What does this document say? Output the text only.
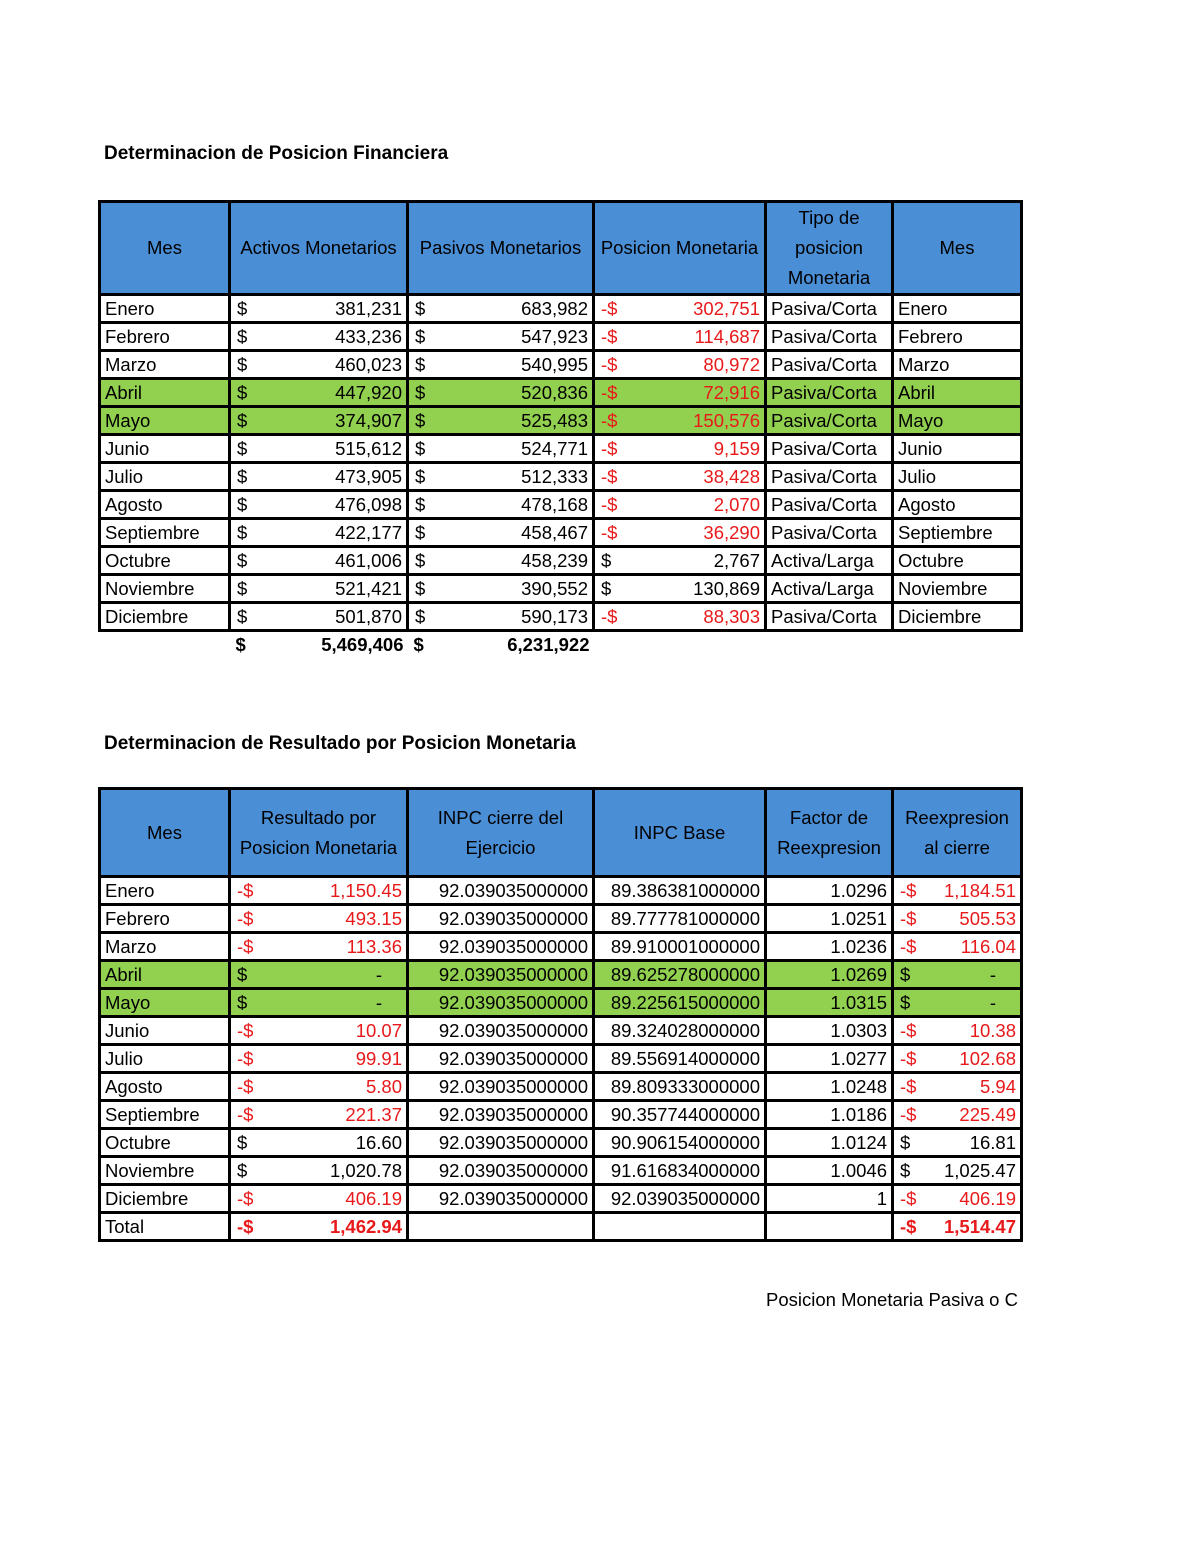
Determinacion de Posicion Financiera
Mes	Activos Monetarios	Pasivos Monetarios	Posicion Monetaria	Tipo de posicion Monetaria	Mes
Enero	$ 381,231	$ 683,982	-$ 302,751	Pasiva/Corta	Enero
Febrero	$ 433,236	$ 547,923	-$ 114,687	Pasiva/Corta	Febrero
Marzo	$ 460,023	$ 540,995	-$ 80,972	Pasiva/Corta	Marzo
Abril	$ 447,920	$ 520,836	-$ 72,916	Pasiva/Corta	Abril
Mayo	$ 374,907	$ 525,483	-$ 150,576	Pasiva/Corta	Mayo
Junio	$ 515,612	$ 524,771	-$ 9,159	Pasiva/Corta	Junio
Julio	$ 473,905	$ 512,333	-$ 38,428	Pasiva/Corta	Julio
Agosto	$ 476,098	$ 478,168	-$ 2,070	Pasiva/Corta	Agosto
Septiembre	$ 422,177	$ 458,467	-$ 36,290	Pasiva/Corta	Septiembre
Octubre	$ 461,006	$ 458,239	$ 2,767	Activa/Larga	Octubre
Noviembre	$ 521,421	$ 390,552	$ 130,869	Activa/Larga	Noviembre
Diciembre	$ 501,870	$ 590,173	-$ 88,303	Pasiva/Corta	Diciembre

	$ 5,469,406	$ 6,231,922			
Determinacion de Resultado por Posicion Monetaria
Mes	Resultado por Posicion Monetaria	INPC cierre del Ejercicio	INPC Base	Factor de Reexpresion	Reexpresion al cierre
Enero	-$ 1,150.45	92.039035000000	89.386381000000	1.0296	-$ 1,184.51

Febrero	-$ 493.15	92.039035000000	89.777781000000	1.0251	-$ 505.53

Marzo	-$ 113.36	92.039035000000	89.910001000000	1.0236	-$ 116.04

Abril	$ -	92.039035000000	89.625278000000	1.0269	$ -

Mayo	$ -	92.039035000000	89.225615000000	1.0315	$ -

Junio	-$ 10.07	92.039035000000	89.324028000000	1.0303	-$ 10.38

Julio	-$ 99.91	92.039035000000	89.556914000000	1.0277	-$ 102.68

Agosto	-$ 5.80	92.039035000000	89.809333000000	1.0248	-$ 5.94

Septiembre	-$ 221.37	92.039035000000	90.357744000000	1.0186	-$ 225.49

Octubre	$ 16.60	92.039035000000	90.906154000000	1.0124	$ 16.81

Noviembre	$ 1,020.78	92.039035000000	91.616834000000	1.0046	$ 1,025.47

Diciembre	-$ 406.19	92.039035000000	92.039035000000	1	-$ 406.19

Total	-$ 1,462.94				-$ 1,514.47
Posicion Monetaria Pasiva o C
